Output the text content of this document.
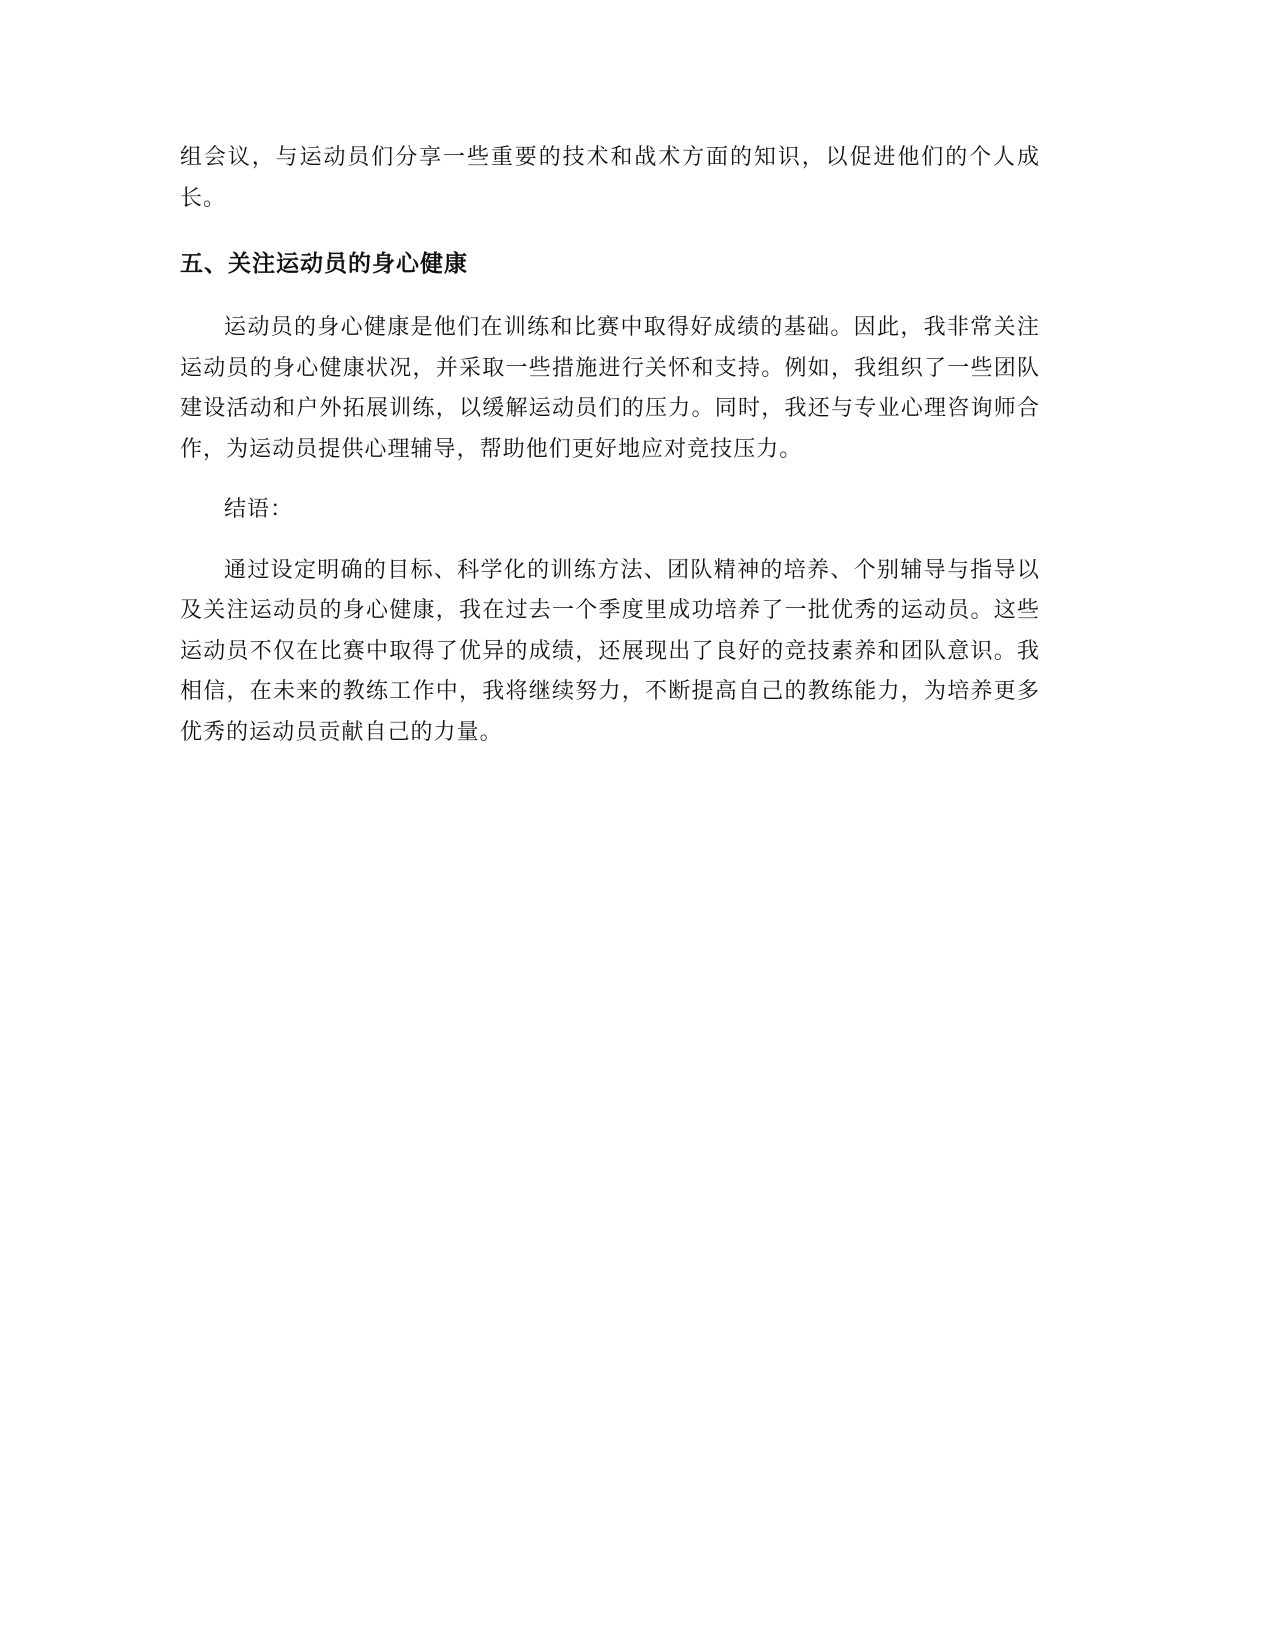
组会议，与运动员们分享一些重要的技术和战术方面的知识，以促进他们的个人成长。

五、关注运动员的身心健康

运动员的身心健康是他们在训练和比赛中取得好成绩的基础。因此，我非常关注运动员的身心健康状况，并采取一些措施进行关怀和支持。例如，我组织了一些团队建设活动和户外拓展训练，以缓解运动员们的压力。同时，我还与专业心理咨询师合作，为运动员提供心理辅导，帮助他们更好地应对竞技压力。

结语：

通过设定明确的目标、科学化的训练方法、团队精神的培养、个别辅导与指导以及关注运动员的身心健康，我在过去一个季度里成功培养了一批优秀的运动员。这些运动员不仅在比赛中取得了优异的成绩，还展现出了良好的竞技素养和团队意识。我相信，在未来的教练工作中，我将继续努力，不断提高自己的教练能力，为培养更多优秀的运动员贡献自己的力量。
